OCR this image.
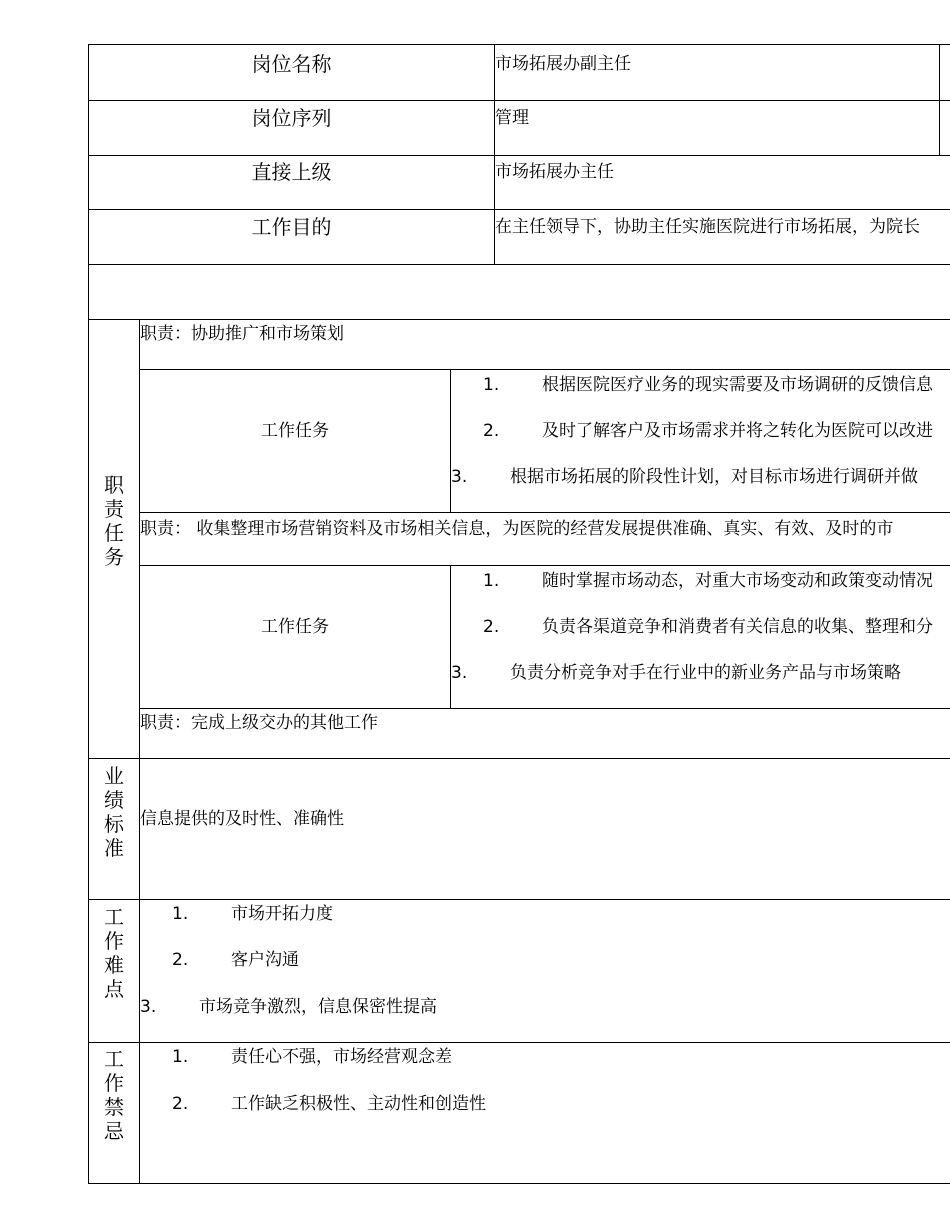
岗位名称	市场拓展办副主任
岗位序列	管理
直接上级	市场拓展办主任
工作目的	在主任领导下，协助主任实施医院进行市场拓展，为院长
职
责
任
务
职责：协助推广和市场策划
工作任务
1.	根据医院医疗业务的现实需要及市场调研的反馈信息
2.	及时了解客户及市场需求并将之转化为医院可以改进
3.	根据市场拓展的阶段性计划，对目标市场进行调研并做
职责： 收集整理市场营销资料及市场相关信息，为医院的经营发展提供准确、真实、有效、及时的市
工作任务
1.	随时掌握市场动态，对重大市场变动和政策变动情况
2.	负责各渠道竞争和消费者有关信息的收集、整理和分
3.	负责分析竞争对手在行业中的新业务产品与市场策略
职责：完成上级交办的其他工作
业
绩
标
准
信息提供的及时性、准确性
工
作
难
点
1.	市场开拓力度
2.	客户沟通
3.	市场竞争激烈，信息保密性提高
工
作
禁
忌
1.	责任心不强，市场经营观念差
2.	工作缺乏积极性、主动性和创造性
